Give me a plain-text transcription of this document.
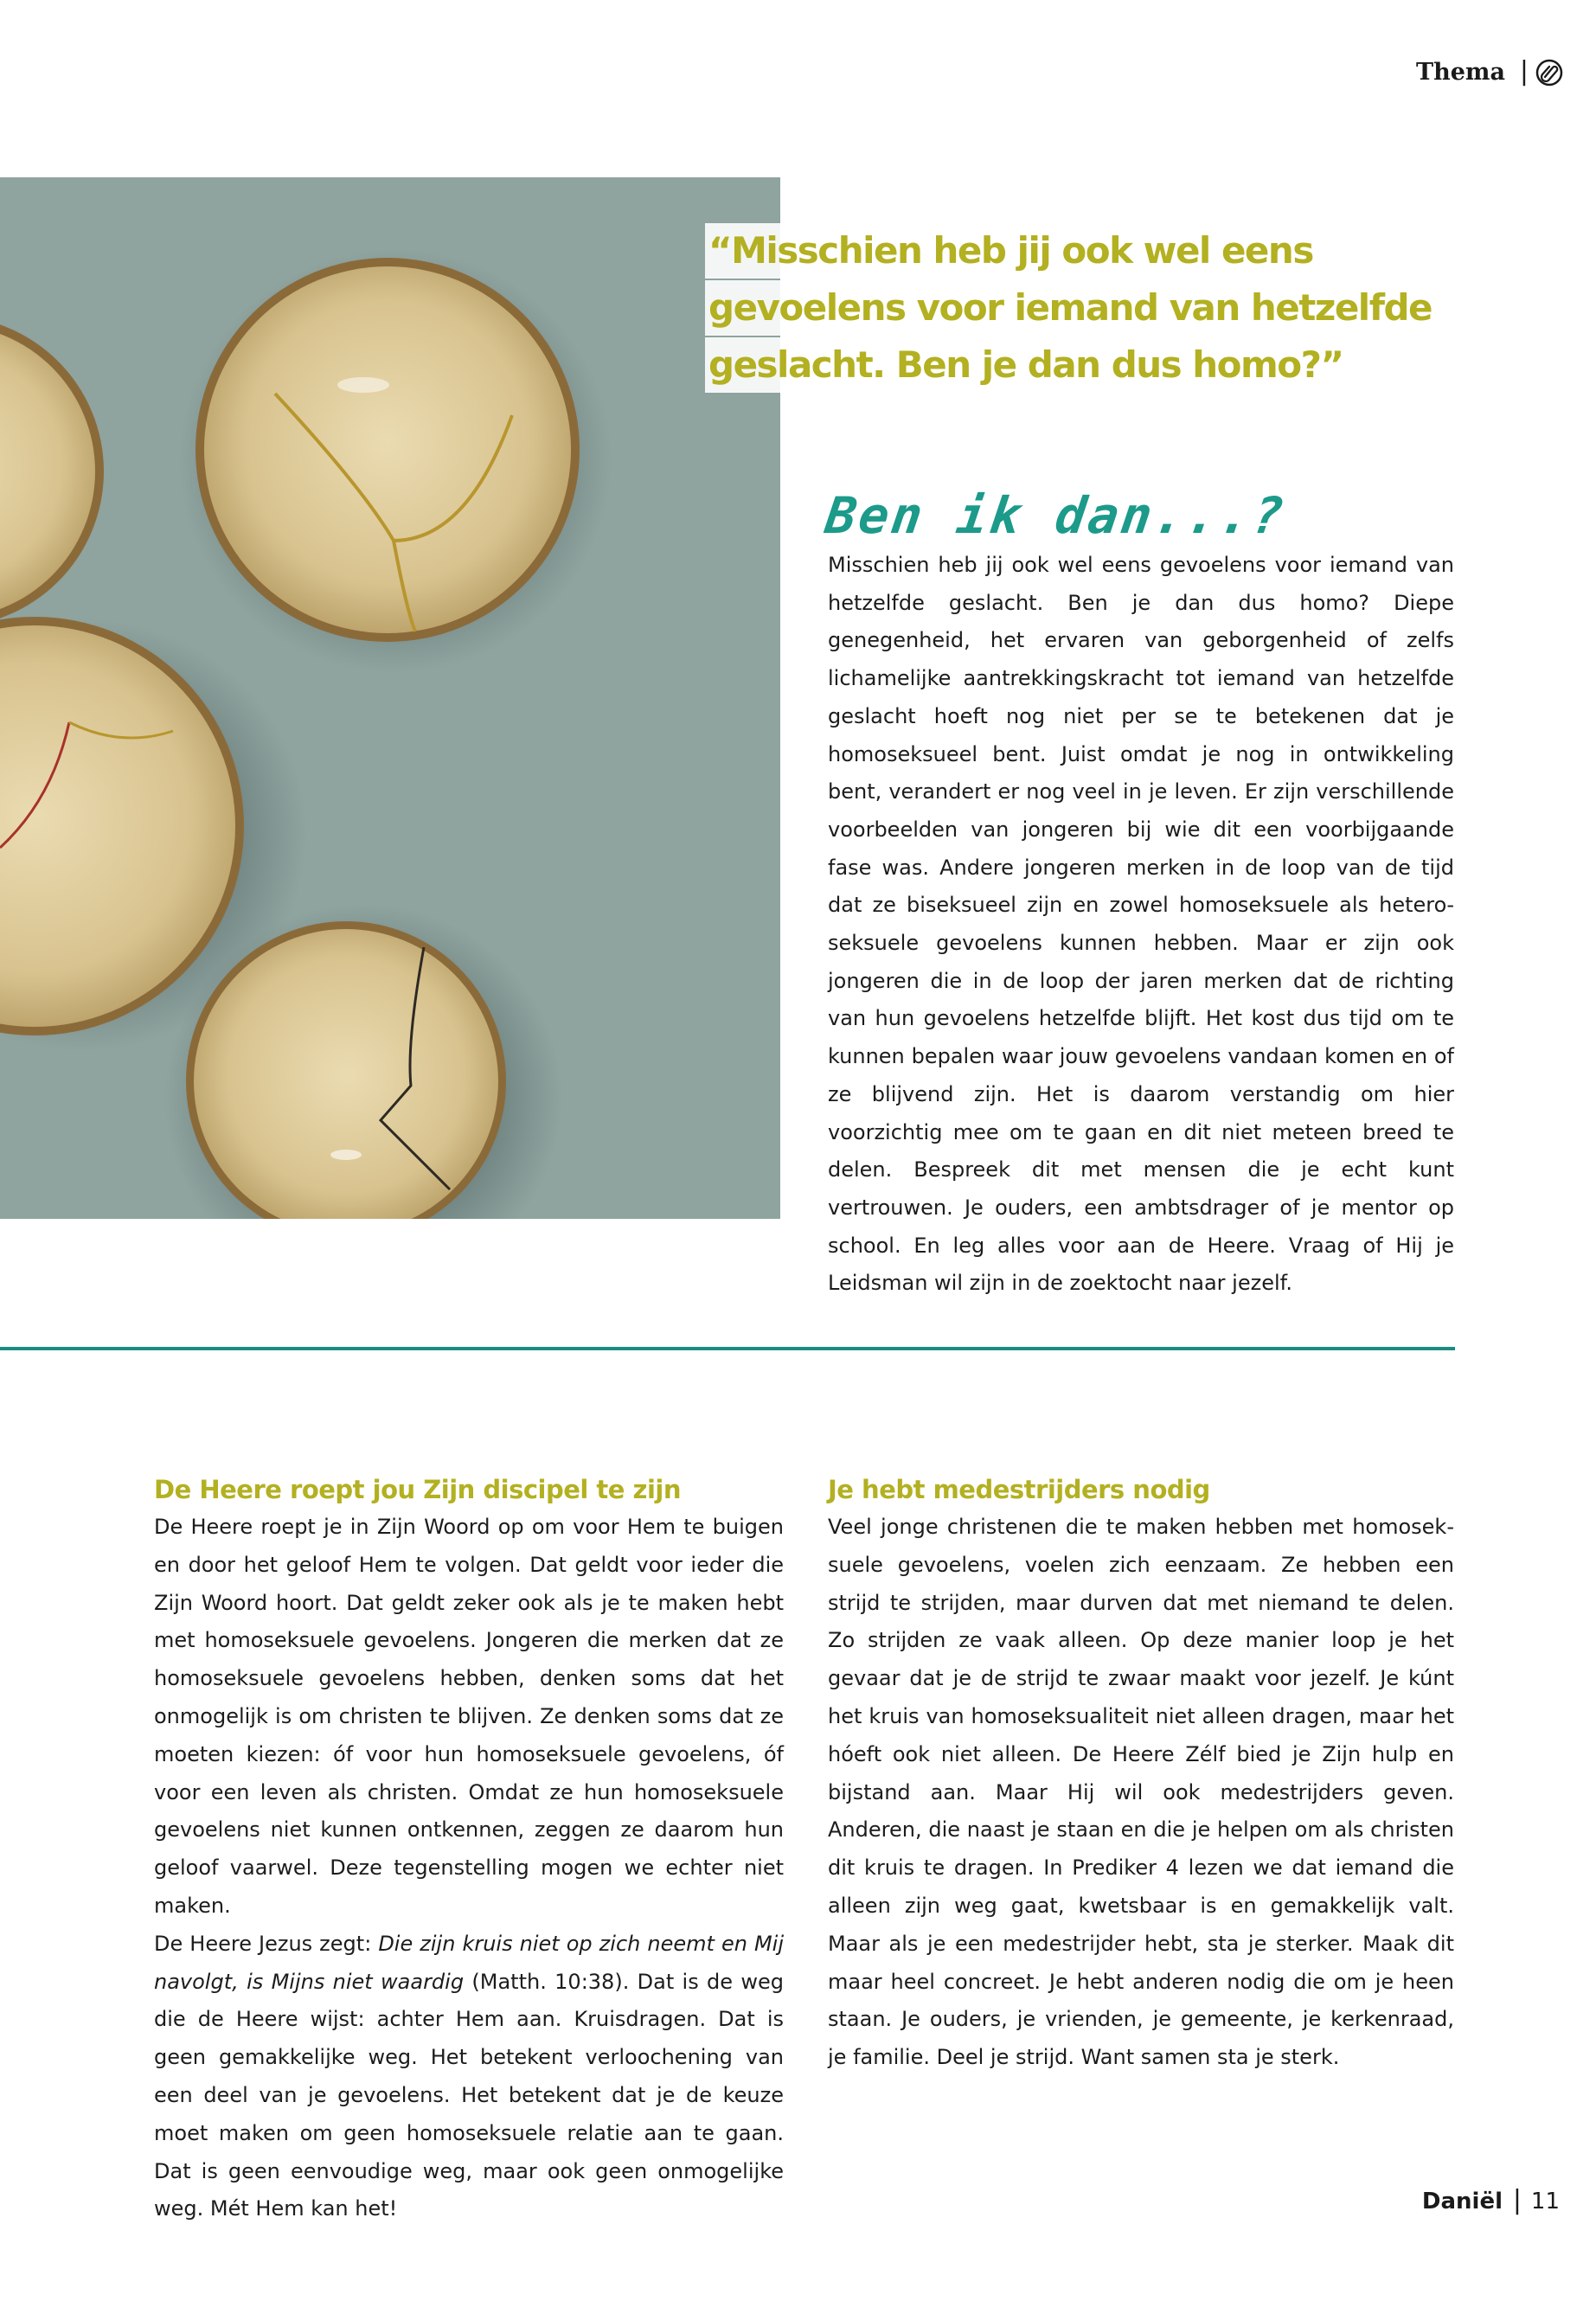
Thema |
“Misschien heb jij ook wel eens
gevoelens voor iemand van hetzelfde
geslacht. Ben je dan dus homo?”
Ben ik dan...?
Misschien heb jij ook wel eens gevoelens voor iemand van hetzelfde geslacht. Ben je dan dus homo? Diepe genegenheid, het ervaren van geborgenheid of zelfs lichamelijke aantrekkingskracht tot iemand van hetzelfde geslacht hoeft nog niet per se te betekenen dat je homoseksueel bent. Juist omdat je nog in ontwikkeling bent, verandert er nog veel in je leven. Er zijn verschillende voorbeelden van jongeren bij wie dit een voorbijgaande fase was. Andere jongeren merken in de loop van de tijd dat ze biseksueel zijn en zowel homoseksuele als heteroseksuele gevoelens kunnen hebben. Maar er zijn ook jongeren die in de loop der jaren merken dat de richting van hun gevoelens hetzelfde blijft. Het kost dus tijd om te kunnen bepalen waar jouw gevoelens vandaan komen en of ze blijvend zijn. Het is daarom verstandig om hier voorzichtig mee om te gaan en dit niet meteen breed te delen. Bespreek dit met mensen die je echt kunt vertrouwen. Je ouders, een ambtsdrager of je mentor op school. En leg alles voor aan de Heere. Vraag of Hij je Leidsman wil zijn in de zoektocht naar jezelf.
De Heere roept jou Zijn discipel te zijn

De Heere roept je in Zijn Woord op om voor Hem te buigen en door het geloof Hem te volgen. Dat geldt voor ieder die Zijn Woord hoort. Dat geldt zeker ook als je te maken hebt met homoseksuele gevoelens. Jongeren die merken dat ze homoseksuele gevoelens hebben, denken soms dat het onmogelijk is om christen te blijven. Ze denken soms dat ze moeten kiezen: óf voor hun homoseksuele gevoelens, óf voor een leven als christen. Omdat ze hun homoseksuele gevoelens niet kunnen ontkennen, zeggen ze daarom hun geloof vaarwel. Deze tegenstelling mogen we echter niet maken.

De Heere Jezus zegt: Die zijn kruis niet op zich neemt en Mij navolgt, is Mijns niet waardig (Matth. 10:38). Dat is de weg die de Heere wijst: achter Hem aan. Kruisdragen. Dat is geen gemakkelijke weg. Het betekent verloochening van een deel van je gevoelens. Het betekent dat je de keuze moet maken om geen homoseksuele relatie aan te gaan. Dat is geen eenvoudige weg, maar ook geen onmogelijke weg. Mét Hem kan het!

Je hebt medestrijders nodig

Veel jonge christenen die te maken hebben met homoseksuele gevoelens, voelen zich eenzaam. Ze hebben een strijd te strijden, maar durven dat met niemand te delen. Zo strijden ze vaak alleen. Op deze manier loop je het gevaar dat je de strijd te zwaar maakt voor jezelf. Je kúnt het kruis van homoseksualiteit niet alleen dragen, maar het hóeft ook niet alleen. De Heere Zélf bied je Zijn hulp en bijstand aan. Maar Hij wil ook medestrijders geven. Anderen, die naast je staan en die je helpen om als christen dit kruis te dragen. In Prediker 4 lezen we dat iemand die alleen zijn weg gaat, kwetsbaar is en gemakkelijk valt. Maar als je een medestrijder hebt, sta je sterker. Maak dit maar heel concreet. Je hebt anderen nodig die om je heen staan. Je ouders, je vrienden, je gemeente, je kerkenraad, je familie. Deel je strijd. Want samen sta je sterk.

Daniël | 11
